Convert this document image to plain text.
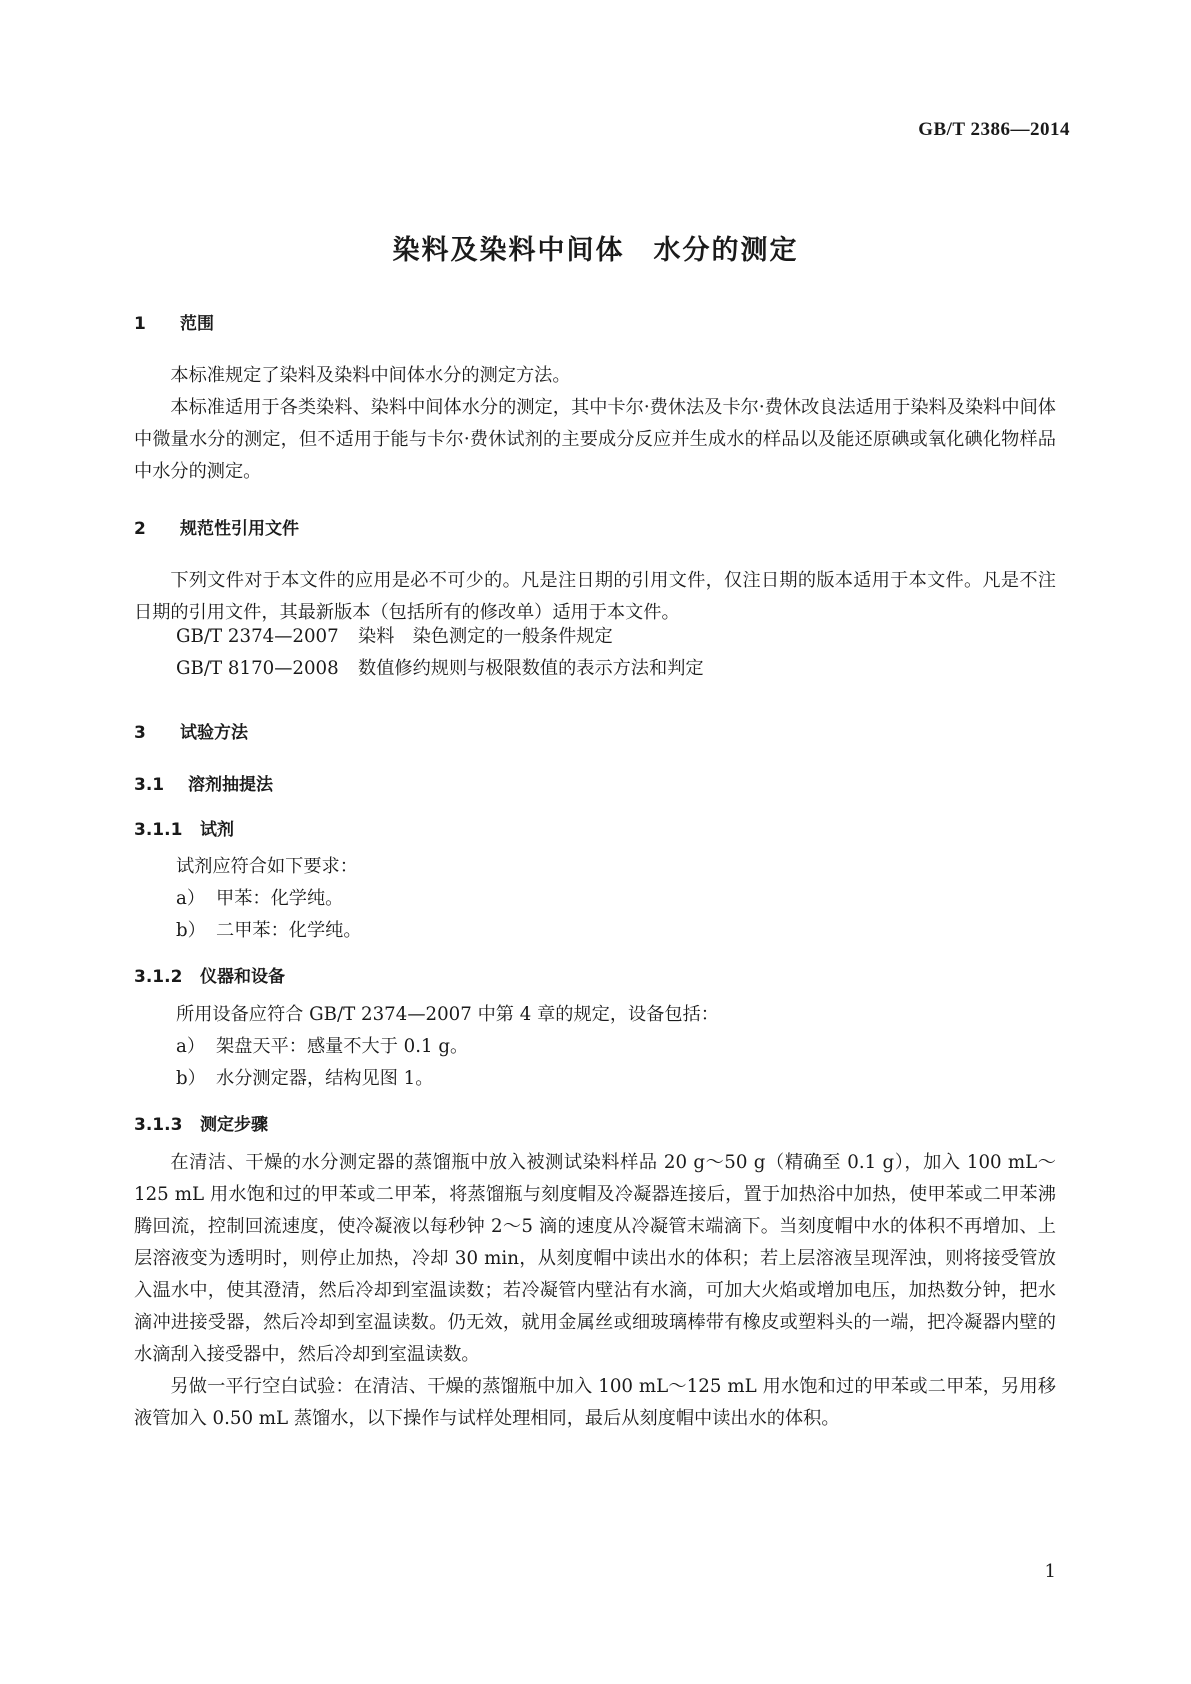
GB/T 2386—2014
染料及染料中间体　水分的测定
1 范围

本标准规定了染料及染料中间体水分的测定方法。

本标准适用于各类染料、染料中间体水分的测定，其中卡尔·费休法及卡尔·费休改良法适用于染料及染料中间体中微量水分的测定，但不适用于能与卡尔·费休试剂的主要成分反应并生成水的样品以及能还原碘或氧化碘化物样品中水分的测定。

2 规范性引用文件

下列文件对于本文件的应用是必不可少的。凡是注日期的引用文件，仅注日期的版本适用于本文件。凡是不注日期的引用文件，其最新版本（包括所有的修改单）适用于本文件。

GB/T 2374—2007 染料　染色测定的一般条件规定
GB/T 8170—2008 数值修约规则与极限数值的表示方法和判定
3 试验方法
3.1 溶剂抽提法
3.1.1 试剂
试剂应符合如下要求：
a） 甲苯：化学纯。
b） 二甲苯：化学纯。
3.1.2 仪器和设备
所用设备应符合 GB/T 2374—2007 中第 4 章的规定，设备包括：
a） 架盘天平：感量不大于 0.1 g。
b） 水分测定器，结构见图 1。
3.1.3 测定步骤

在清洁、干燥的水分测定器的蒸馏瓶中放入被测试染料样品 20 g～50 g（精确至 0.1 g），加入 100 mL～125 mL 用水饱和过的甲苯或二甲苯，将蒸馏瓶与刻度帽及冷凝器连接后，置于加热浴中加热，使甲苯或二甲苯沸腾回流，控制回流速度，使冷凝液以每秒钟 2～5 滴的速度从冷凝管末端滴下。当刻度帽中水的体积不再增加、上层溶液变为透明时，则停止加热，冷却 30 min，从刻度帽中读出水的体积；若上层溶液呈现浑浊，则将接受管放入温水中，使其澄清，然后冷却到室温读数；若冷凝管内壁沾有水滴，可加大火焰或增加电压，加热数分钟，把水滴冲进接受器，然后冷却到室温读数。仍无效，就用金属丝或细玻璃棒带有橡皮或塑料头的一端，把冷凝器内壁的水滴刮入接受器中，然后冷却到室温读数。

另做一平行空白试验：在清洁、干燥的蒸馏瓶中加入 100 mL～125 mL 用水饱和过的甲苯或二甲苯，另用移液管加入 0.50 mL 蒸馏水，以下操作与试样处理相同，最后从刻度帽中读出水的体积。

1
